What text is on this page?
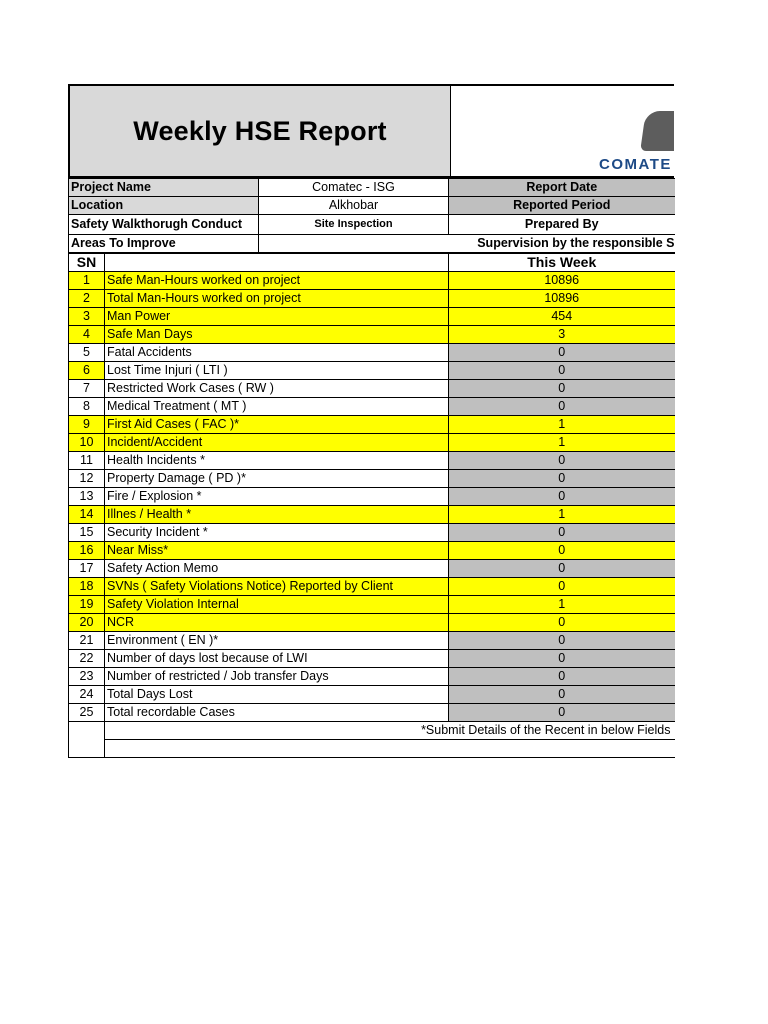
Weekly HSE Report
COMATE
Project Name	Comatec - ISG	Report Date
Location	Alkhobar	Reported Period
Safety Walkthorugh Conduct	Site Inspection	Prepared By
Areas To Improve	Supervision by the responsible S	
SN		This Week
1	Safe Man-Hours worked on project	10896
2	Total Man-Hours worked on project	10896
3	Man Power	454
4	Safe Man Days	3
5	Fatal Accidents	0
6	Lost Time Injuri ( LTI )	0
7	Restricted Work Cases ( RW )	0
8	Medical Treatment ( MT )	0
9	First Aid Cases ( FAC )*	1
10	Incident/Accident	1
11	Health Incidents *	0
12	Property Damage ( PD )*	0
13	Fire / Explosion *	0
14	Illnes / Health *	1
15	Security Incident *	0
16	Near Miss*	0
17	Safety Action Memo	0
18	SVNs ( Safety Violations Notice) Reported by Client	0
19	Safety Violation Internal	1
20	NCR	0
21	Environment ( EN )*	0
22	Number of days lost because of LWI	0
23	Number of restricted / Job transfer Days	0
24	Total Days Lost	0
25	Total recordable Cases	0
	*Submit Details of the Recent in below Fields	
